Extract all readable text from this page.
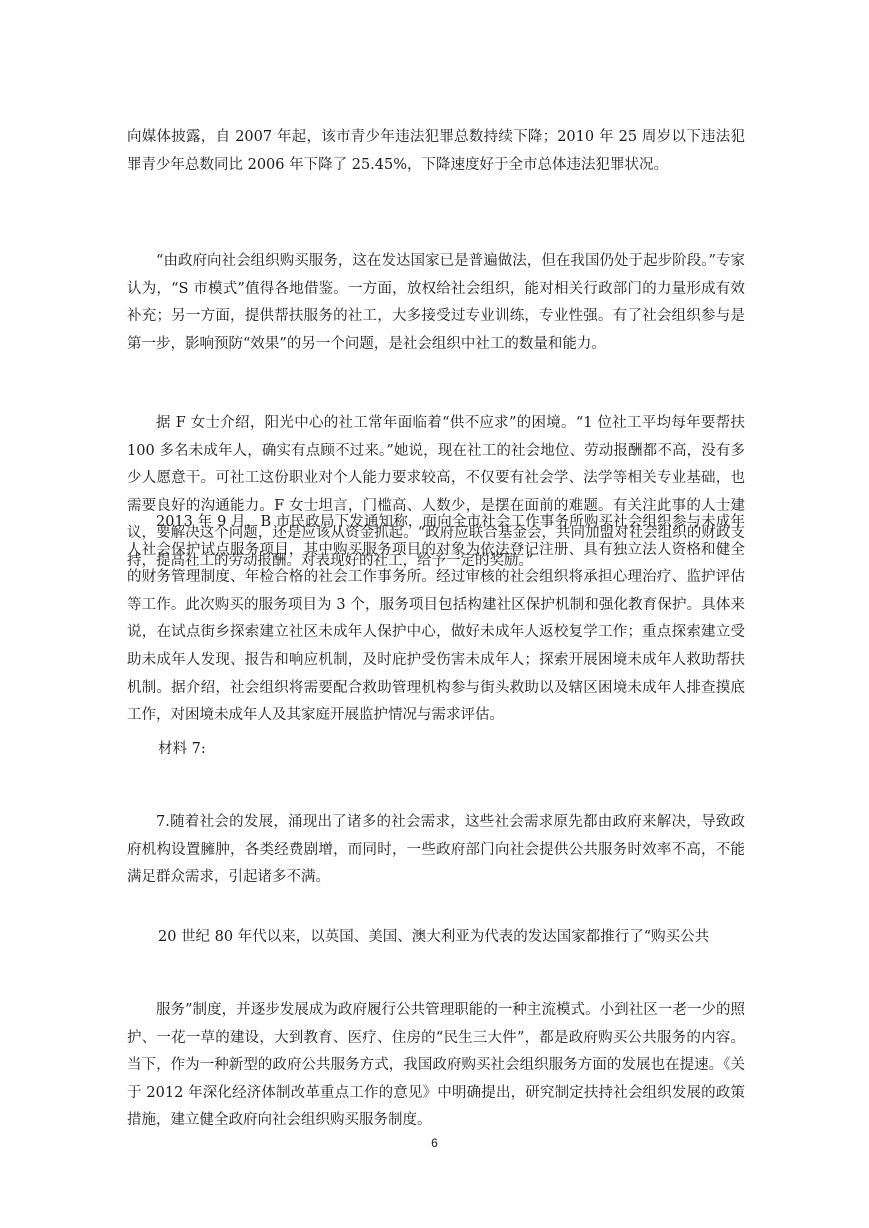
向媒体披露，自 2007 年起，该市青少年违法犯罪总数持续下降；2010 年 25 周岁以下违法犯罪青少年总数同比 2006 年下降了 25.45%，下降速度好于全市总体违法犯罪状况。

“由政府向社会组织购买服务，这在发达国家已是普遍做法，但在我国仍处于起步阶段。”专家认为，“S 市模式”值得各地借鉴。一方面，放权给社会组织，能对相关行政部门的力量形成有效补充；另一方面，提供帮扶服务的社工，大多接受过专业训练，专业性强。有了社会组织参与是第一步，影响预防“效果”的另一个问题，是社会组织中社工的数量和能力。

据 F 女士介绍，阳光中心的社工常年面临着“供不应求”的困境。“1 位社工平均每年要帮扶 100 多名未成年人，确实有点顾不过来。”她说，现在社工的社会地位、劳动报酬都不高，没有多少人愿意干。可社工这份职业对个人能力要求较高，不仅要有社会学、法学等相关专业基础，也需要良好的沟通能力。F 女士坦言，门槛高、人数少，是摆在面前的难题。有关注此事的人士建议，要解决这个问题，还是应该从资金抓起。“政府应联合基金会，共同加盟对社会组织的财政支持，提高社工的劳动报酬。对表现好的社工，给予一定的奖励。”

2013 年 9 月，B 市民政局下发通知称，面向全市社会工作事务所购买社会组织参与未成年人社会保护试点服务项目，其中购买服务项目的对象为依法登记注册、具有独立法人资格和健全的财务管理制度、年检合格的社会工作事务所。经过审核的社会组织将承担心理治疗、监护评估等工作。此次购买的服务项目为 3 个，服务项目包括构建社区保护机制和强化教育保护。具体来说，在试点街乡探索建立社区未成年人保护中心，做好未成年人返校复学工作；重点探索建立受助未成年人发现、报告和响应机制，及时庇护受伤害未成年人；探索开展困境未成年人救助帮扶机制。据介绍，社会组织将需要配合救助管理机构参与街头救助以及辖区困境未成年人排查摸底工作，对困境未成年人及其家庭开展监护情况与需求评估。

材料 7:

7.随着社会的发展，涌现出了诸多的社会需求，这些社会需求原先都由政府来解决，导致政府机构设置臃肿，各类经费剧增，而同时，一些政府部门向社会提供公共服务时效率不高，不能满足群众需求，引起诸多不满。

20 世纪 80 年代以来，以英国、美国、澳大利亚为代表的发达国家都推行了“购买公共

服务”制度，并逐步发展成为政府履行公共管理职能的一种主流模式。小到社区一老一少的照护、一花一草的建设，大到教育、医疗、住房的“民生三大件”，都是政府购买公共服务的内容。当下，作为一种新型的政府公共服务方式，我国政府购买社会组织服务方面的发展也在提速。《关于 2012 年深化经济体制改革重点工作的意见》中明确提出，研究制定扶持社会组织发展的政策措施，建立健全政府向社会组织购买服务制度。

6
